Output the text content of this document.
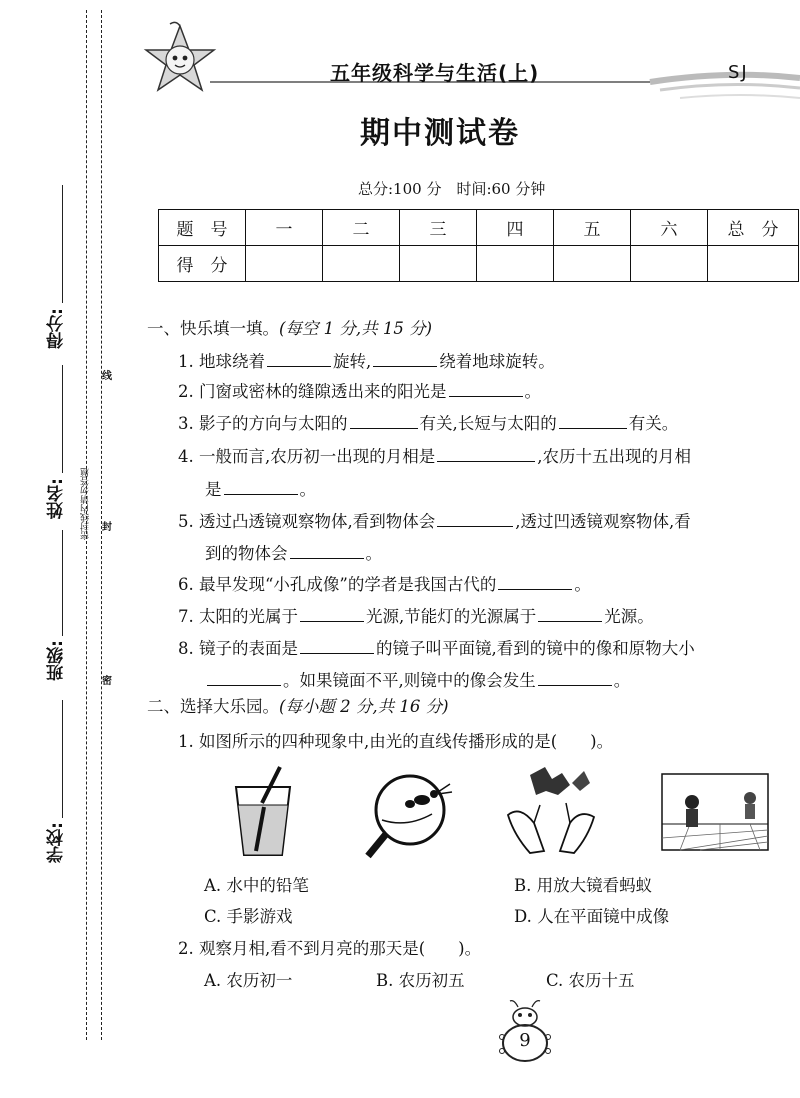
学校:
班级:
姓名:
得分:
线
封
密
密封线内请勿答题
五年级科学与生活(上)	SJ
期中测试卷
总分:100 分　时间:60 分钟
题　号	一	二	三	四	五	六	总　分
得　分							
一、快乐填一填。(每空 1 分,共 15 分)
1. 地球绕着	旋转,	绕着地球旋转。
2. 门窗或密林的缝隙透出来的阳光是	。
3. 影子的方向与太阳的	有关,长短与太阳的	有关。
4. 一般而言,农历初一出现的月相是	,农历十五出现的月相
是	。
5. 透过凸透镜观察物体,看到物体会	,透过凹透镜观察物体,看
到的物体会	。
6. 最早发现“小孔成像”的学者是我国古代的	。
7. 太阳的光属于	光源,节能灯的光源属于	光源。
8. 镜子的表面是	的镜子叫平面镜,看到的镜中的像和原物大小
。如果镜面不平,则镜中的像会发生	。
二、选择大乐园。(每小题 2 分,共 16 分)
1. 如图所示的四种现象中,由光的直线传播形成的是(　　)。
A. 水中的铅笔	B. 用放大镜看蚂蚁
C. 手影游戏	D. 人在平面镜中成像
2. 观察月相,看不到月亮的那天是(　　)。
A. 农历初一	B. 农历初五	C. 农历十五
9
